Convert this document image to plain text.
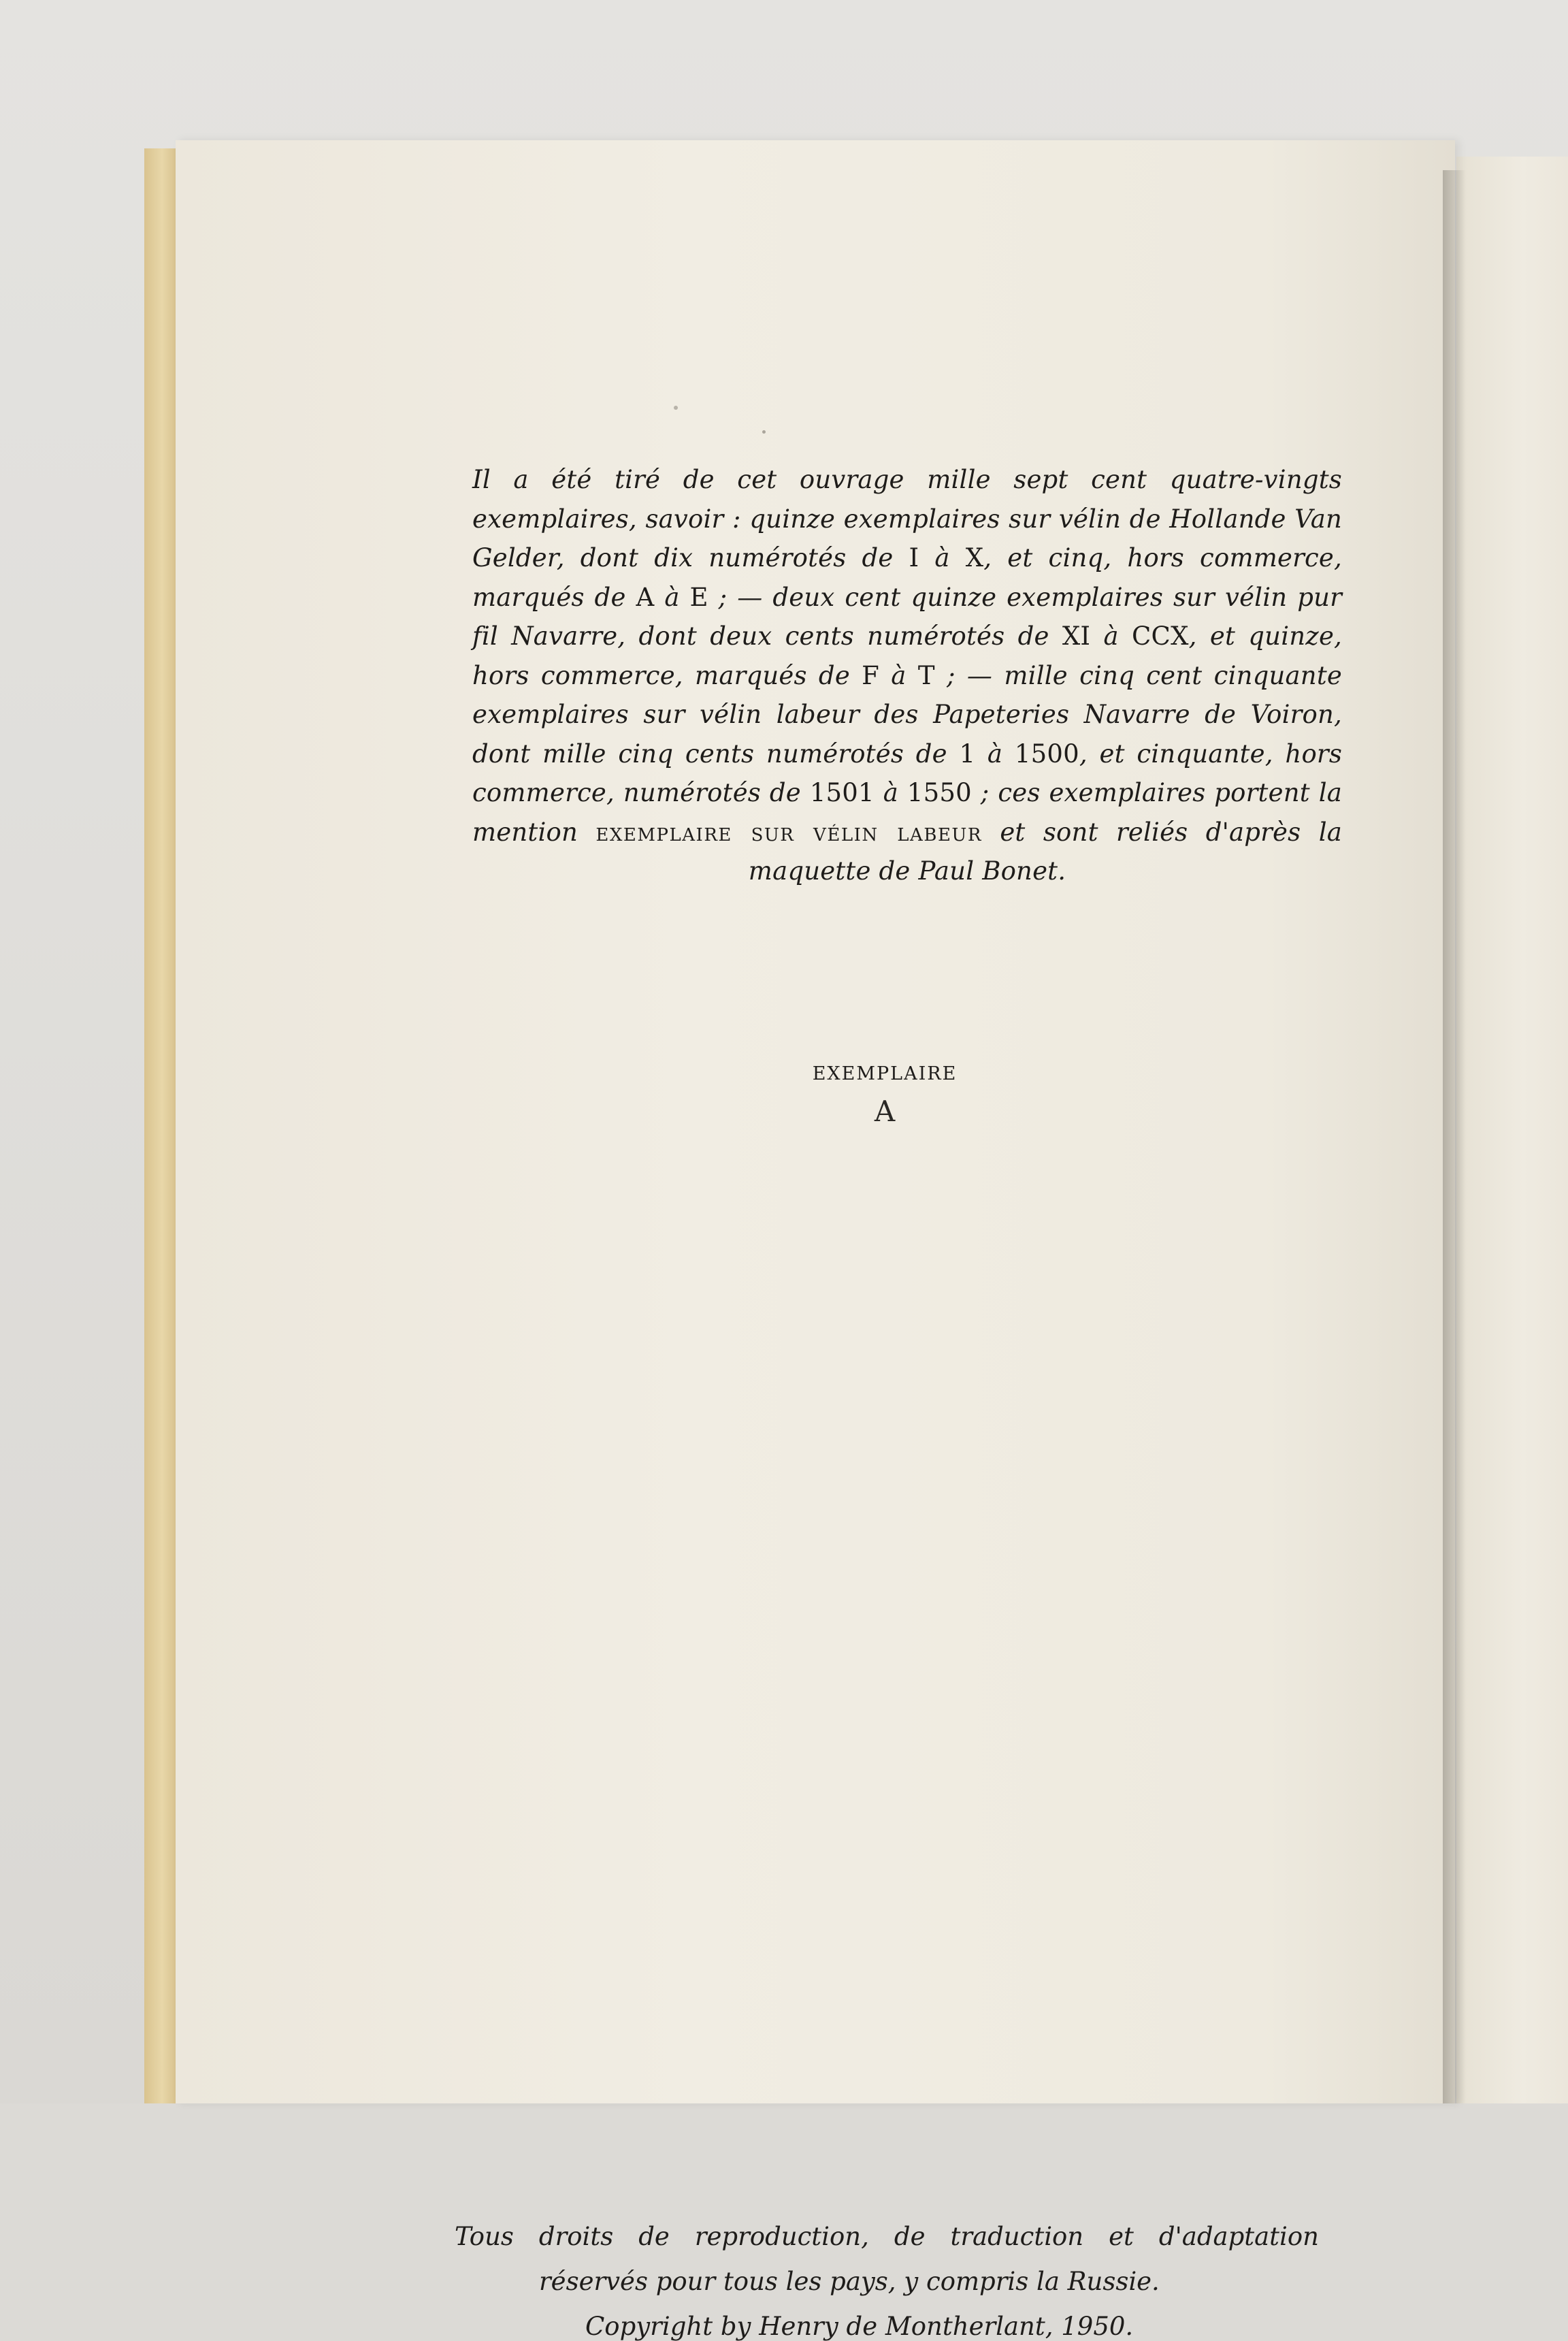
Il a été tiré de cet ouvrage mille sept cent quatre-vingts exemplaires, savoir : quinze exemplaires sur vélin de Hollande Van Gelder, dont dix numérotés de I à X, et cinq, hors commerce, marqués de A à E ; — deux cent quinze exemplaires sur vélin pur fil Navarre, dont deux cents numérotés de XI à CCX, et quinze, hors commerce, marqués de F à T ; — mille cinq cent cinquante exemplaires sur vélin labeur des Papeteries Navarre de Voiron, dont mille cinq cents numérotés de 1 à 1500, et cinquante, hors commerce, numérotés de 1501 à 1550 ; ces exemplaires portent la mention exemplaire sur vélin labeur et sont reliés d'après la maquette de Paul Bonet.

EXEMPLAIRE

A

Tous droits de reproduction, de traduction et d'adaptation

réservés pour tous les pays, y compris la Russie.

Copyright by Henry de Montherlant, 1950.
